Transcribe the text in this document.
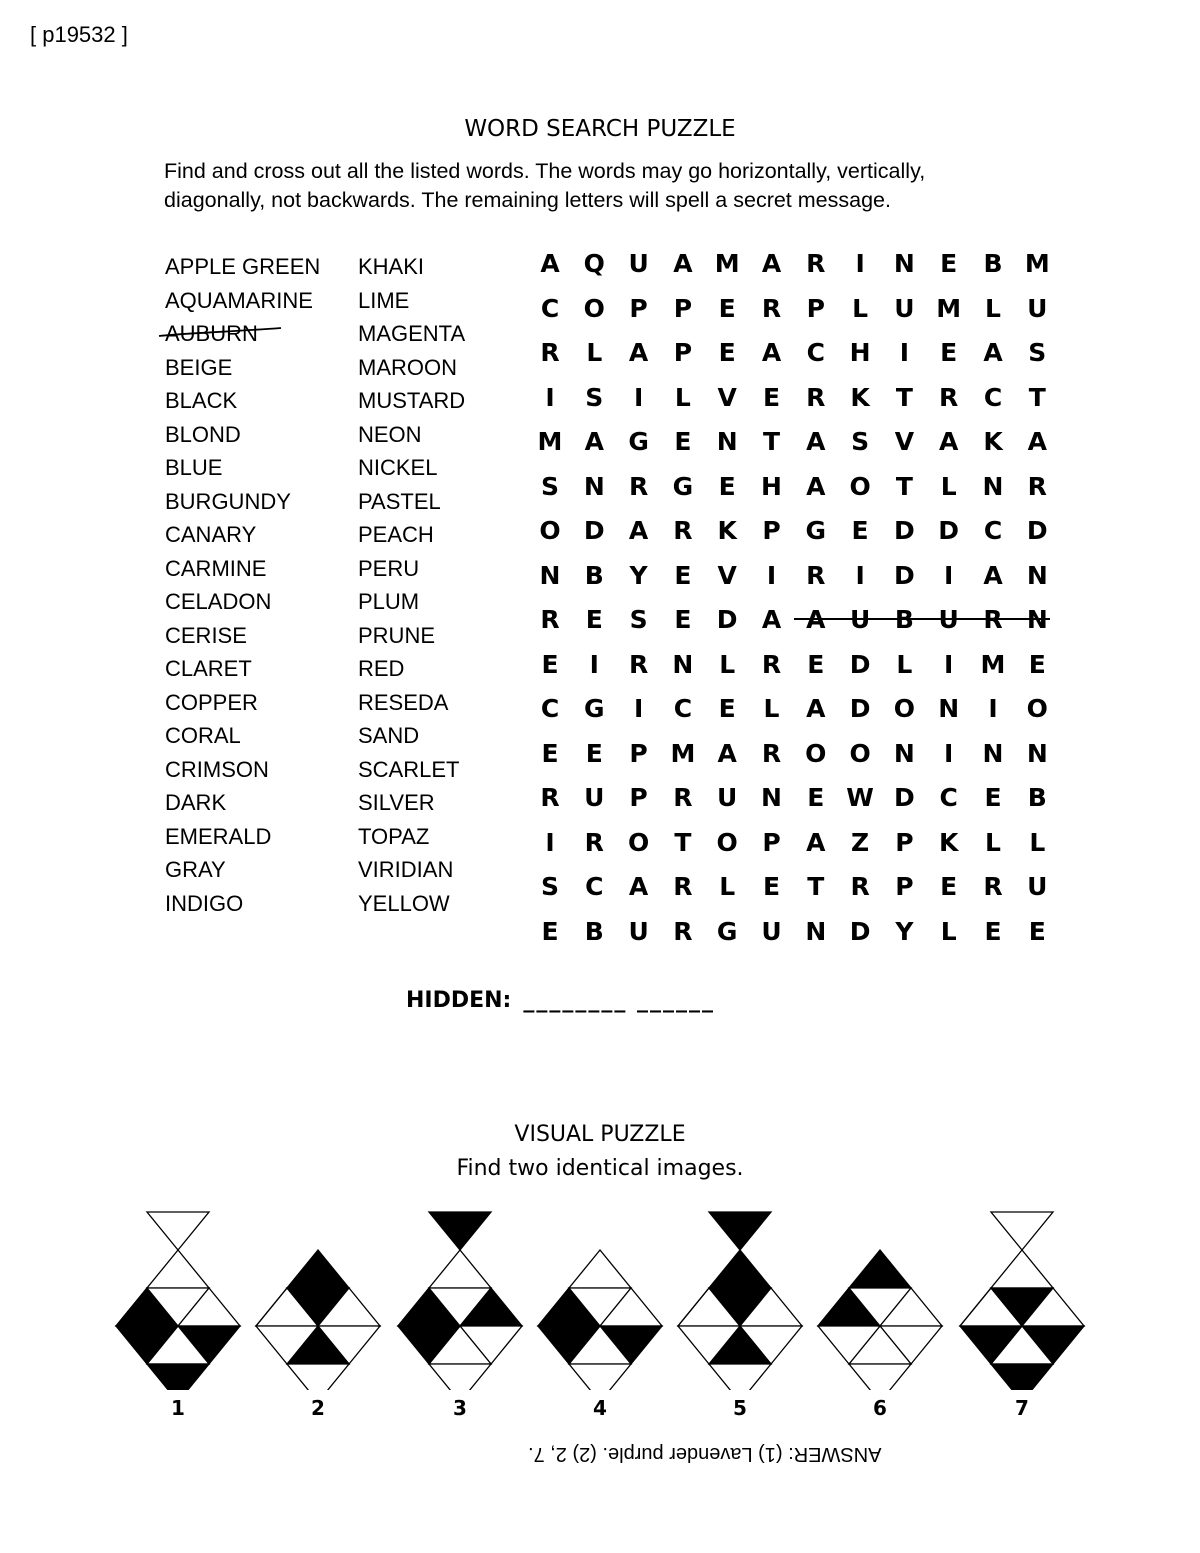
[ p19532 ]
WORD SEARCH PUZZLE
Find and cross out all the listed words. The words may go horizontally, vertically,
diagonally, not backwards. The remaining letters will spell a secret message.
APPLE GREEN
AQUAMARINE
AUBURN
BEIGE
BLACK
BLOND
BLUE
BURGUNDY
CANARY
CARMINE
CELADON
CERISE
CLARET
COPPER
CORAL
CRIMSON
DARK
EMERALD
GRAY
INDIGO
KHAKI
LIME
MAGENTA
MAROON
MUSTARD
NEON
NICKEL
PASTEL
PEACH
PERU
PLUM
PRUNE
RED
RESEDA
SAND
SCARLET
SILVER
TOPAZ
VIRIDIAN
YELLOW
A Q U A M A R	I	N	E	B M
C O P	P	E	R	P	L	U M L	U
R	L	A	P	E	A	C H	I	E	A	S
I	S	I	L	V	E	R K	T	R	C	T
M A G	E	N	T	A	S	V A K A
S N R G	E	H A O	T	L	N R
O D A R K	P G	E	D D C D
N B	Y	E	V	I	R	I	D	I	A N
R	E	S	E	D A A U B U R N
E	I	R N	L	R	E	D	L	I	M E
C G	I	C	E	L	A D O N	I	O
E	E	P M A	R O O N	I	N N
R U P	R U N	E W D C	E	B
I	R O	T	O P	A	Z	P	K	L	L
S	C	A R	L	E	T	R	P	E	R U
E	B U R G U N D Y	L	E	E
HIDDEN: ________ ______
VISUAL PUZZLE
Find two identical images.
1	2	3	4	5	6	7
ANSWER: (1) Lavender purple. (2) 2, 7.
